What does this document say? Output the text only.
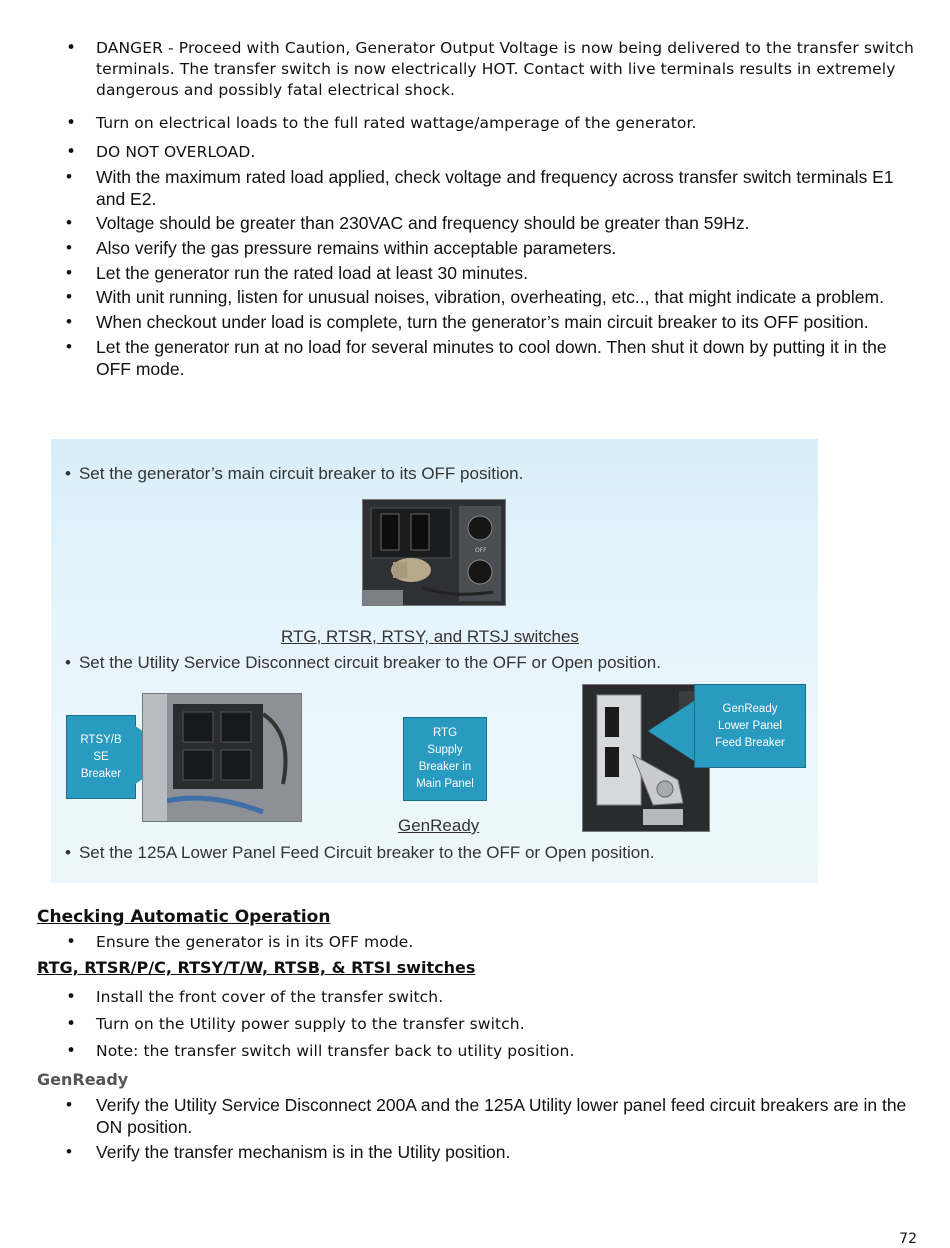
• DANGER - Proceed with Caution, Generator Output Voltage is now being delivered to the transfer switch terminals. The transfer switch is now electrically HOT. Contact with live terminals results in extremely dangerous and possibly fatal electrical shock.
• Turn on electrical loads to the full rated wattage/amperage of the generator.
• DO NOT OVERLOAD.
• With the maximum rated load applied, check voltage and frequency across transfer switch terminals E1 and E2.
• Voltage should be greater than 230VAC and frequency should be greater than 59Hz.
• Also verify the gas pressure remains within acceptable parameters.
• Let the generator run the rated load at least 30 minutes.
• With unit running, listen for unusual noises, vibration, overheating, etc.., that might indicate a problem.
• When checkout under load is complete, turn the generator’s main circuit breaker to its OFF position.
• Let the generator run at no load for several minutes to cool down. Then shut it down by putting it in the OFF mode.
• Set the generator’s main circuit breaker to its OFF position.
OFF
RTG, RTSR, RTSY, and RTSJ switches
• Set the Utility Service Disconnect circuit breaker to the OFF or Open position.
RTSY/B
SE
Breaker
RTG
Supply
Breaker in
Main Panel
GenReady
Lower Panel
Feed Breaker
GenReady
• Set the 125A Lower Panel Feed Circuit breaker to the OFF or Open position.
Checking Automatic Operation
• Ensure the generator is in its OFF mode.
RTG, RTSR/P/C, RTSY/T/W, RTSB, & RTSI switches
• Install the front cover of the transfer switch.
• Turn on the Utility power supply to the transfer switch.
• Note: the transfer switch will transfer back to utility position.
GenReady
• Verify the Utility Service Disconnect 200A and the 125A Utility lower panel feed circuit breakers are in the ON position.
• Verify the transfer mechanism is in the Utility position.
72
